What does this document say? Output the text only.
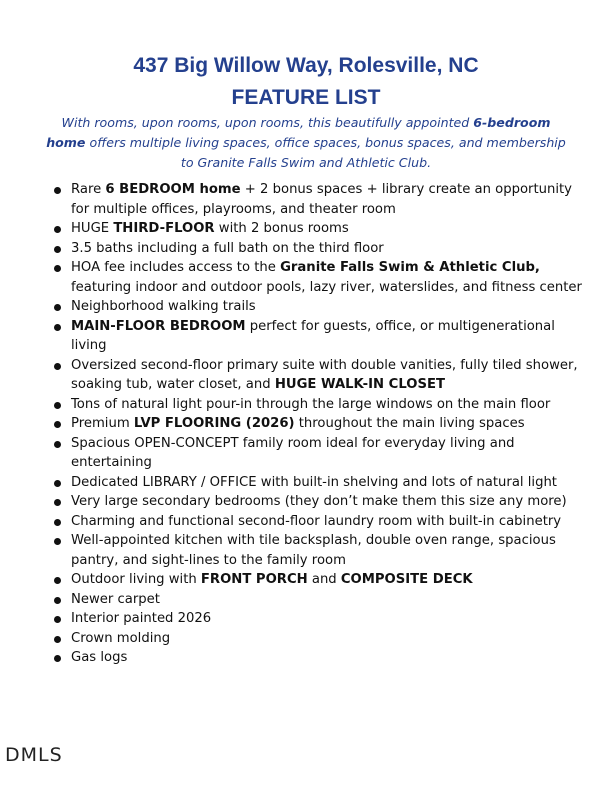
437 Big Willow Way, Rolesville, NC
FEATURE LIST
With rooms, upon rooms, upon rooms, this beautifully appointed 6-bedroom home offers multiple living spaces, office spaces, bonus spaces, and membership to Granite Falls Swim and Athletic Club.
Rare 6 BEDROOM home + 2 bonus spaces + library create an opportunity for multiple offices, playrooms, and theater room
HUGE THIRD-FLOOR with 2 bonus rooms
3.5 baths including a full bath on the third floor
HOA fee includes access to the Granite Falls Swim & Athletic Club, featuring indoor and outdoor pools, lazy river, waterslides, and fitness center
Neighborhood walking trails
MAIN-FLOOR BEDROOM perfect for guests, office, or multigenerational living
Oversized second-floor primary suite with double vanities, fully tiled shower, soaking tub, water closet, and HUGE WALK-IN CLOSET
Tons of natural light pour-in through the large windows on the main floor
Premium LVP FLOORING (2026) throughout the main living spaces
Spacious OPEN-CONCEPT family room ideal for everyday living and entertaining
Dedicated LIBRARY / OFFICE with built-in shelving and lots of natural light
Very large secondary bedrooms (they don’t make them this size any more)
Charming and functional second-floor laundry room with built-in cabinetry
Well-appointed kitchen with tile backsplash, double oven range, spacious pantry, and sight-lines to the family room
Outdoor living with FRONT PORCH and COMPOSITE DECK
Newer carpet
Interior painted 2026
Crown molding
Gas logs
DMLS
